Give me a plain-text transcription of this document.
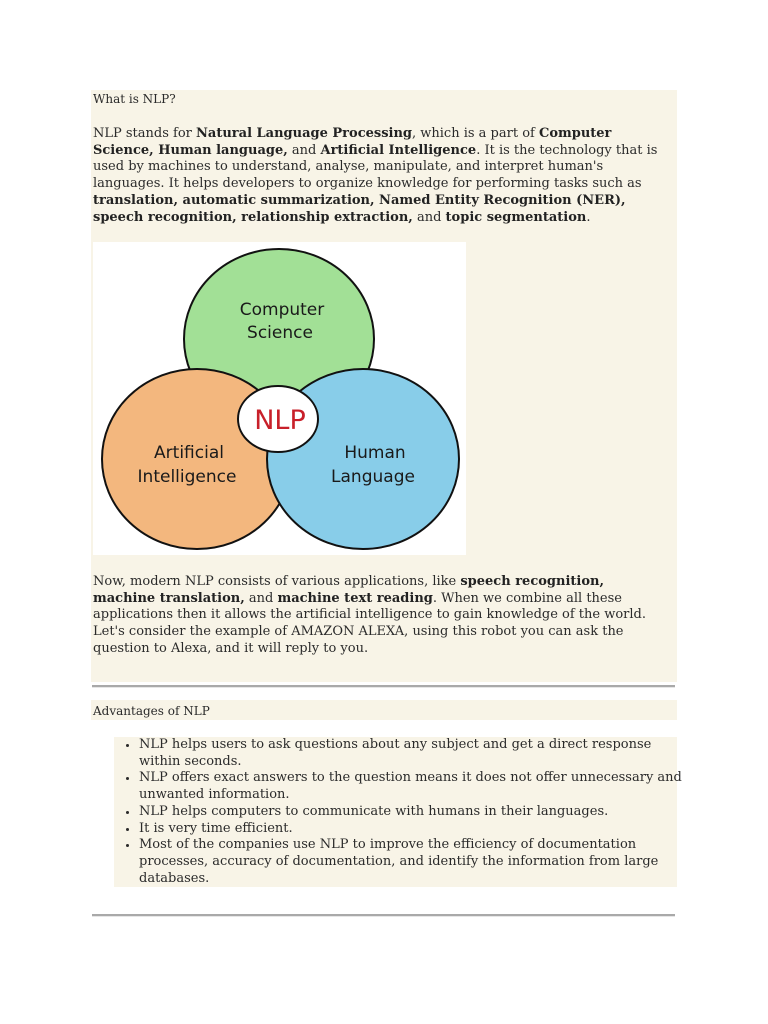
What is NLP?
NLP stands for Natural Language Processing, which is a part of Computer Science, Human language, and Artificial Intelligence. It is the technology that is used by machines to understand, analyse, manipulate, and interpret human's languages. It helps developers to organize knowledge for performing tasks such as translation, automatic summarization, Named Entity Recognition (NER), speech recognition, relationship extraction, and topic segmentation.
Computer
Science
Artificial
Intelligence
Human
Language
NLP
Now, modern NLP consists of various applications, like speech recognition, machine translation, and machine text reading. When we combine all these applications then it allows the artificial intelligence to gain knowledge of the world. Let's consider the example of AMAZON ALEXA, using this robot you can ask the question to Alexa, and it will reply to you.
Advantages of NLP
• NLP helps users to ask questions about any subject and get a direct response within seconds.
• NLP offers exact answers to the question means it does not offer unnecessary and unwanted information.
• NLP helps computers to communicate with humans in their languages.
• It is very time efficient.
• Most of the companies use NLP to improve the efficiency of documentation processes, accuracy of documentation, and identify the information from large databases.
